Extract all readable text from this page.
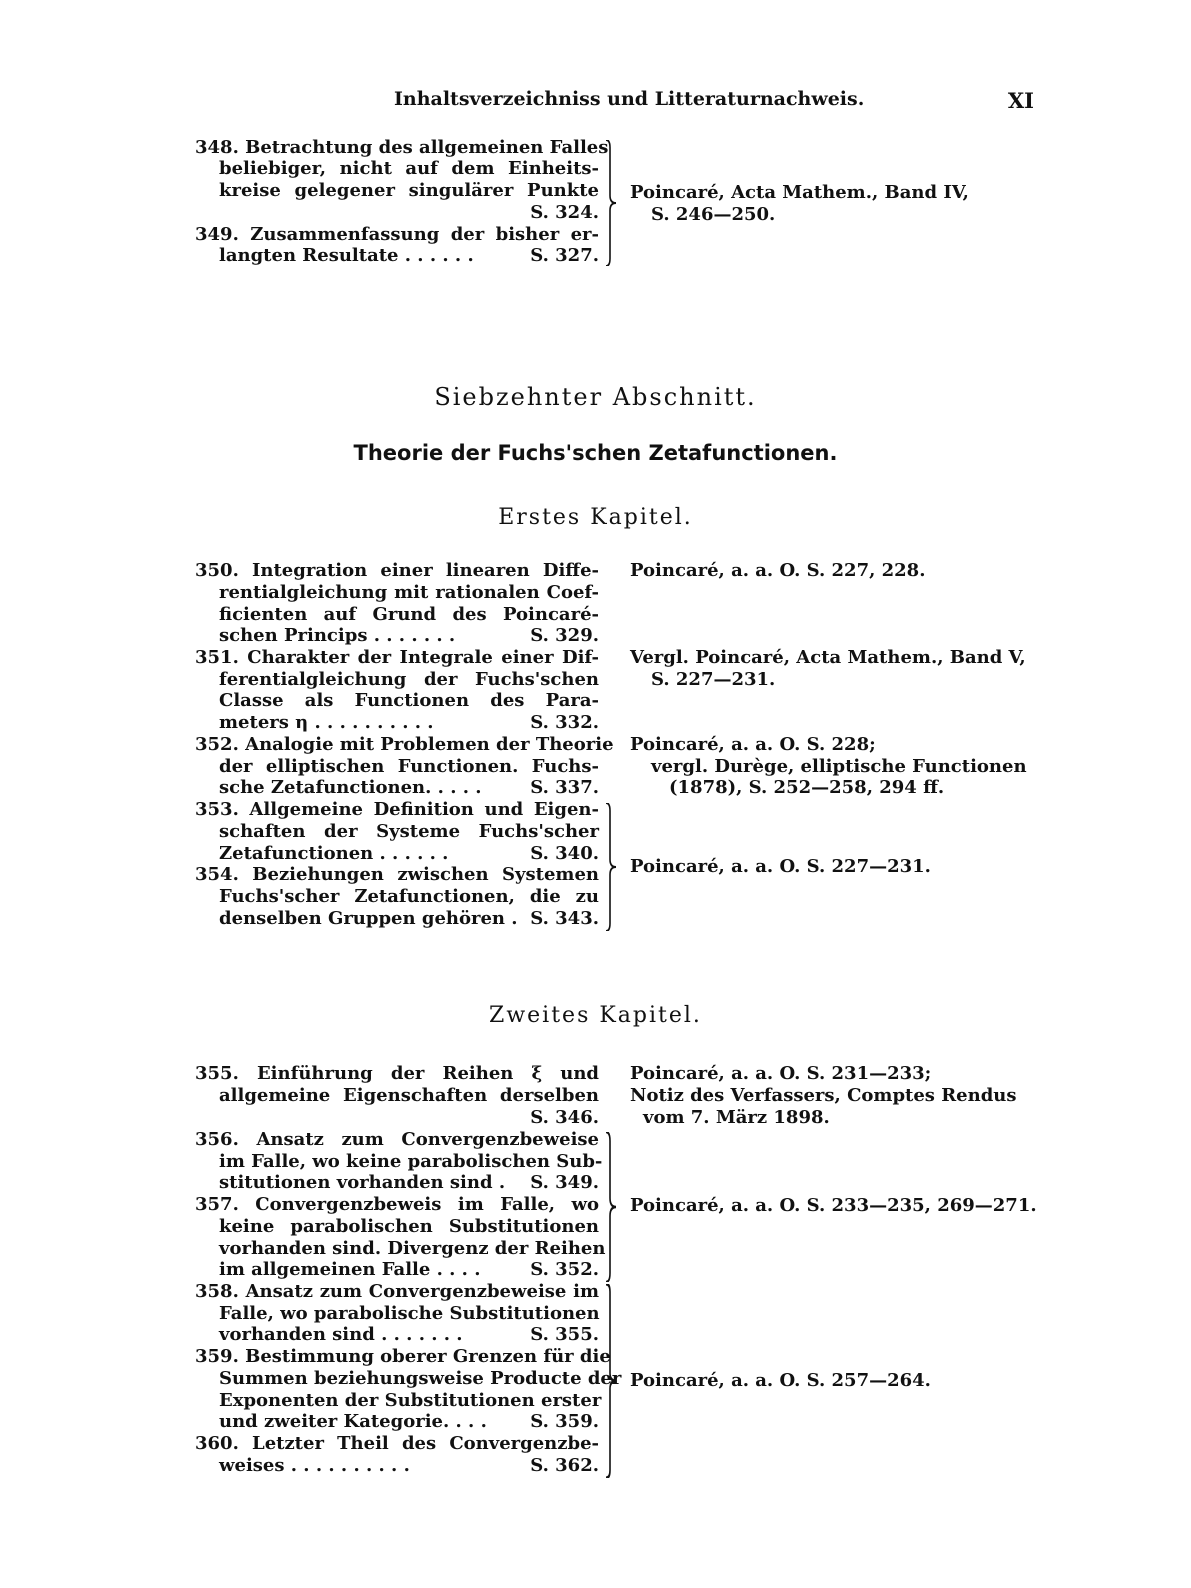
Inhaltsverzeichniss und Litteraturnachweis.	XI
348. Betrachtung des allgemeinen Falles
beliebiger, nicht auf dem Einheits-
kreise gelegener singulärer Punkte
S. 324.
349. Zusammenfassung der bisher er-
langten Resultate . . . . . .	S. 327.
Poincaré, Acta Mathem., Band IV,
S. 246—250.
Siebzehnter Abschnitt.
Theorie der Fuchs'schen Zetafunctionen.
Erstes Kapitel.
350. Integration einer linearen Diffe-
rentialgleichung mit rationalen Coef-
ficienten auf Grund des Poincaré-
schen Princips . . . . . . .	S. 329.
Poincaré, a. a. O. S. 227, 228.
351. Charakter der Integrale einer Dif-
ferentialgleichung der Fuchs'schen
Classe als Functionen des Para-
meters η . . . . . . . . . .	S. 332.
Vergl. Poincaré, Acta Mathem., Band V,
S. 227—231.
352. Analogie mit Problemen der Theorie
der elliptischen Functionen. Fuchs-
sche Zetafunctionen. . . . .	S. 337.
Poincaré, a. a. O. S. 228;
vergl. Durège, elliptische Functionen
(1878), S. 252—258, 294 ff.
353. Allgemeine Definition und Eigen-
schaften der Systeme Fuchs'scher
Zetafunctionen . . . . . .	S. 340.
354. Beziehungen zwischen Systemen
Fuchs'scher Zetafunctionen, die zu
denselben Gruppen gehören . S. 343.
Poincaré, a. a. O. S. 227—231.
Zweites Kapitel.
355. Einführung der Reihen ξ und
allgemeine Eigenschaften derselben
S. 346.
Poincaré, a. a. O. S. 231—233;
Notiz des Verfassers, Comptes Rendus
vom 7. März 1898.
356. Ansatz zum Convergenzbeweise
im Falle, wo keine parabolischen Sub-
stitutionen vorhanden sind . S. 349.
357. Convergenzbeweis im Falle, wo
keine parabolischen Substitutionen
vorhanden sind. Divergenz der Reihen
im allgemeinen Falle . . . .	S. 352.
Poincaré, a. a. O. S. 233—235, 269—271.
358. Ansatz zum Convergenzbeweise im
Falle, wo parabolische Substitutionen
vorhanden sind . . . . . . .	S. 355.
359. Bestimmung oberer Grenzen für die
Summen beziehungsweise Producte der
Exponenten der Substitutionen erster
und zweiter Kategorie. . . . S. 359.
360. Letzter Theil des Convergenzbe-
weises . . . . . . . . . .	S. 362.
Poincaré, a. a. O. S. 257—264.
